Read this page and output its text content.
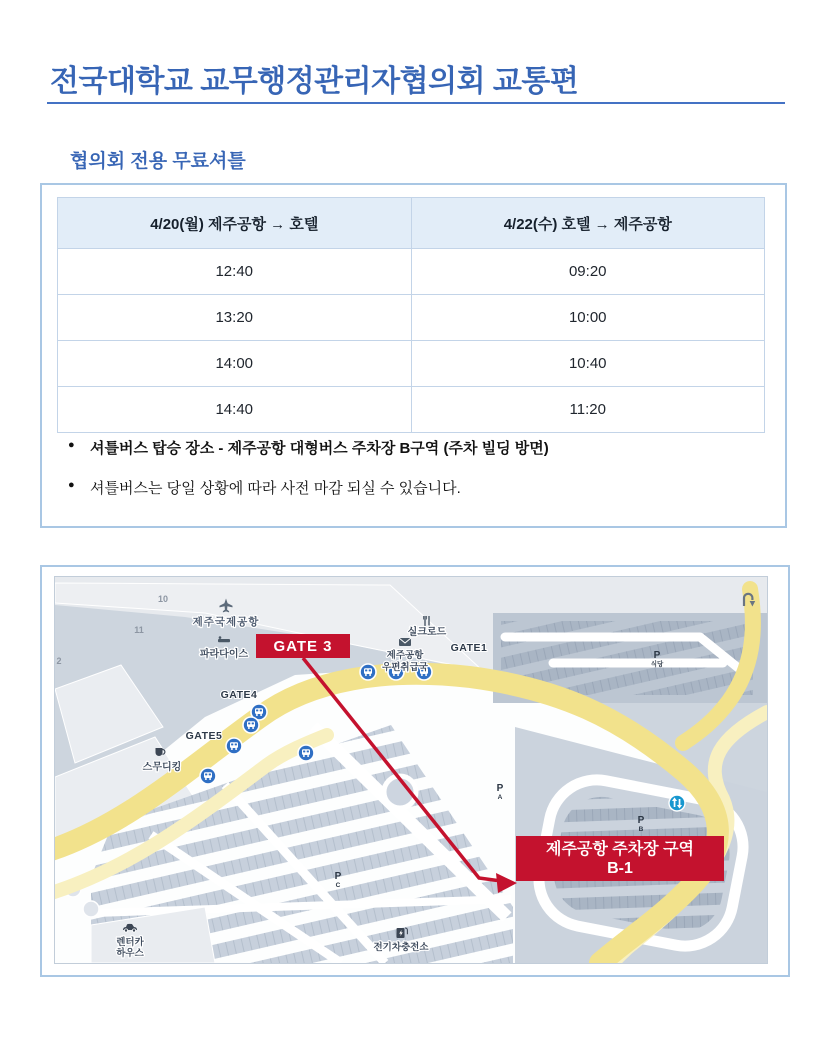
전국대학교 교무행정관리자협의회 교통편
협의회 전용 무료셔틀
4/20(월) 제주공항 → 호텔	4/22(수) 호텔 → 제주공항
12:40	09:20
13:20	10:00
14:00	10:40
14:40	11:20
● 셔틀버스 탑승 장소 - 제주공항 대형버스 주차장 B구역 (주차 빌딩 방면)
● 셔틀버스는 당일 상황에 따라 사전 마감 되실 수 있습니다.
10
11
2
제주국제공항
파라다이스
실크로드
GATE1
제주공항
우편취급국
GATE4
GATE5
스무디킹
렌터카
하우스
전기차충전소
P
식당
P
A
P
B
P
C
GATE 3
제주공항 주차장 구역
B-1
